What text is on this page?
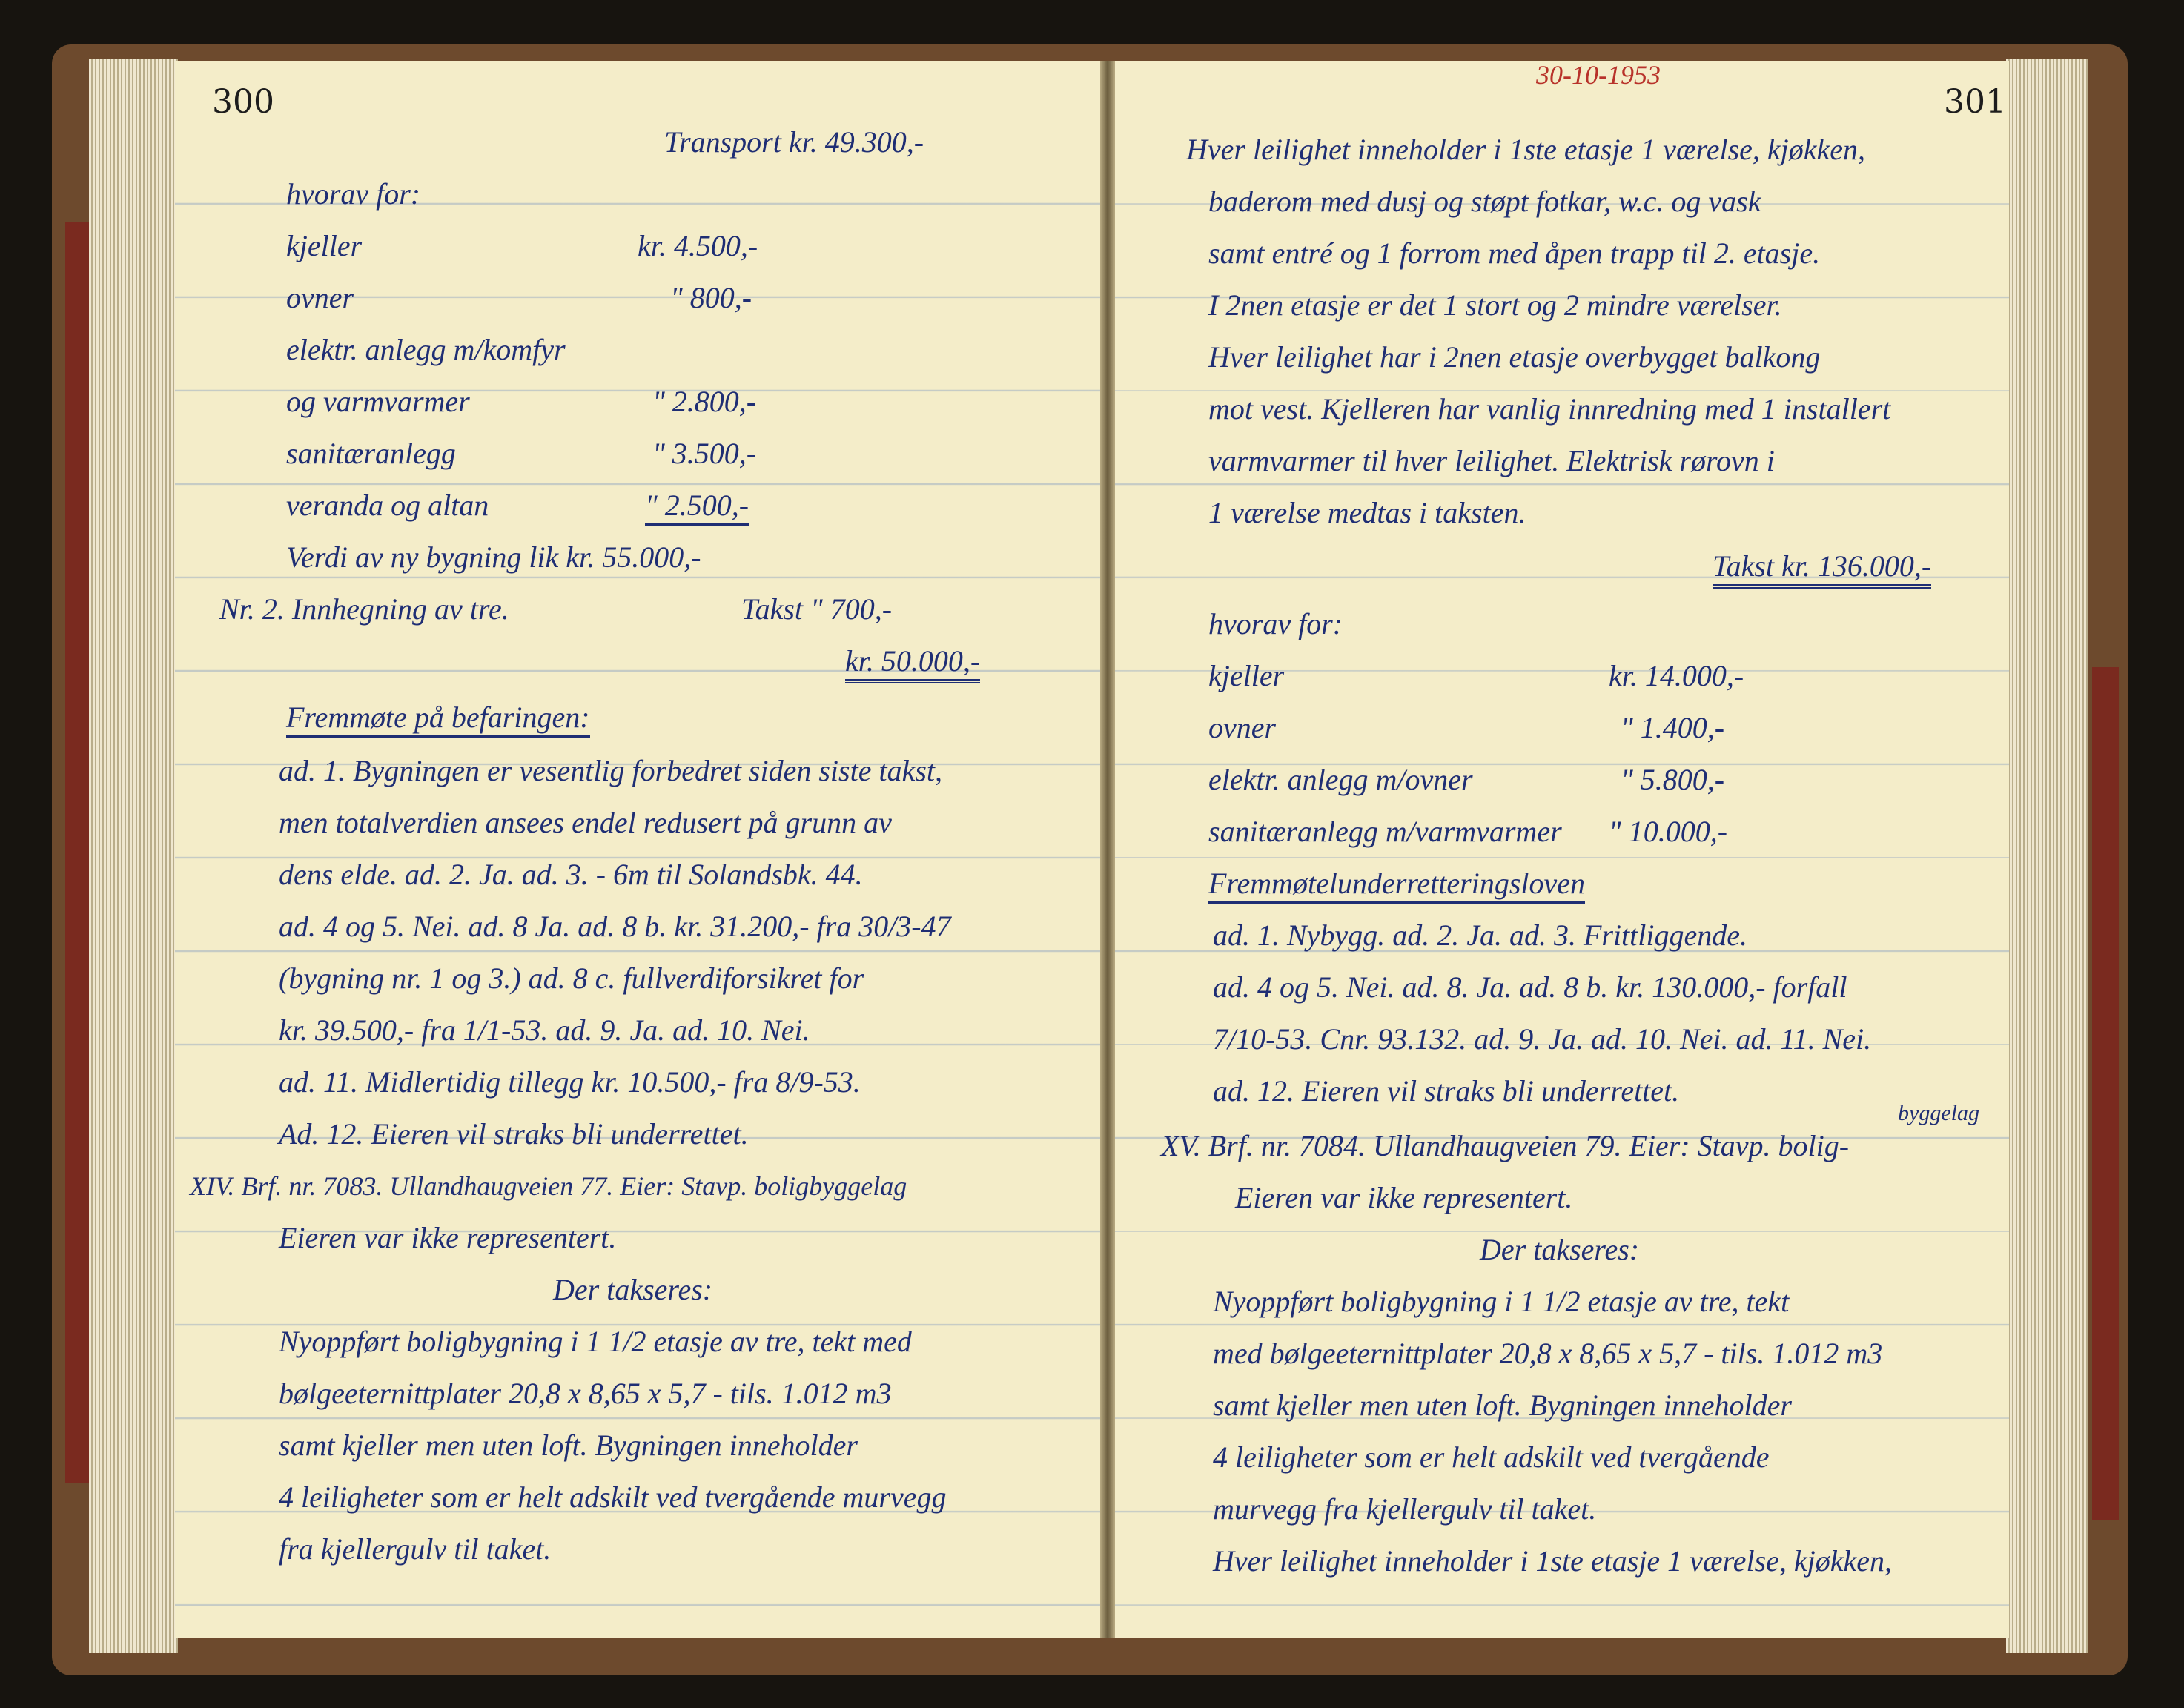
300	301
30-10-1953
Transport kr. 49.300,-
hvorav for:
kjeller	kr. 4.500,-
ovner	" 800,-
elektr. anlegg m/komfyr
og varmvarmer	" 2.800,-
sanitæranlegg	" 3.500,-
veranda og altan	" 2.500,-
Verdi av ny bygning lik kr. 55.000,-
Nr. 2. Innhegning av tre.	Takst " 700,-
kr. 50.000,-
Fremmøte på befaringen:
ad. 1. Bygningen er vesentlig forbedret siden siste takst,
men totalverdien ansees endel redusert på grunn av
dens elde. ad. 2. Ja. ad. 3. - 6m til Solandsbk. 44.
ad. 4 og 5. Nei. ad. 8 Ja. ad. 8 b. kr. 31.200,- fra 30/3-47
(bygning nr. 1 og 3.) ad. 8 c. fullverdiforsikret for
kr. 39.500,- fra 1/1-53. ad. 9. Ja. ad. 10. Nei.
ad. 11. Midlertidig tillegg kr. 10.500,- fra 8/9-53.
Ad. 12. Eieren vil straks bli underrettet.
XIV. Brf. nr. 7083. Ullandhaugveien 77. Eier: Stavp. boligbyggelag
Eieren var ikke representert.
Der takseres:
Nyoppført boligbygning i 1 1/2 etasje av tre, tekt med
bølgeeternittplater 20,8 x 8,65 x 5,7 - tils. 1.012 m3
samt kjeller men uten loft. Bygningen inneholder
4 leiligheter som er helt adskilt ved tvergående murvegg
fra kjellergulv til taket.
Hver leilighet inneholder i 1ste etasje 1 værelse, kjøkken,
baderom med dusj og støpt fotkar, w.c. og vask
samt entré og 1 forrom med åpen trapp til 2. etasje.
I 2nen etasje er det 1 stort og 2 mindre værelser.
Hver leilighet har i 2nen etasje overbygget balkong
mot vest. Kjelleren har vanlig innredning med 1 installert
varmvarmer til hver leilighet. Elektrisk rørovn i
1 værelse medtas i taksten.
Takst kr. 136.000,-
hvorav for:
kjeller	kr. 14.000,-
ovner	" 1.400,-
elektr. anlegg m/ovner	" 5.800,-
sanitæranlegg m/varmvarmer " 10.000,-
Fremmøtelunderretteringsloven
ad. 1. Nybygg. ad. 2. Ja. ad. 3. Frittliggende.
ad. 4 og 5. Nei. ad. 8. Ja. ad. 8 b. kr. 130.000,- forfall
7/10-53. Cnr. 93.132. ad. 9. Ja. ad. 10. Nei. ad. 11. Nei.
ad. 12. Eieren vil straks bli underrettet.
byggelag
XV. Brf. nr. 7084. Ullandhaugveien 79. Eier: Stavp. bolig-
Eieren var ikke representert.
Der takseres:
Nyoppført boligbygning i 1 1/2 etasje av tre, tekt
med bølgeeternittplater 20,8 x 8,65 x 5,7 - tils. 1.012 m3
samt kjeller men uten loft. Bygningen inneholder
4 leiligheter som er helt adskilt ved tvergående
murvegg fra kjellergulv til taket.
Hver leilighet inneholder i 1ste etasje 1 værelse, kjøkken,
